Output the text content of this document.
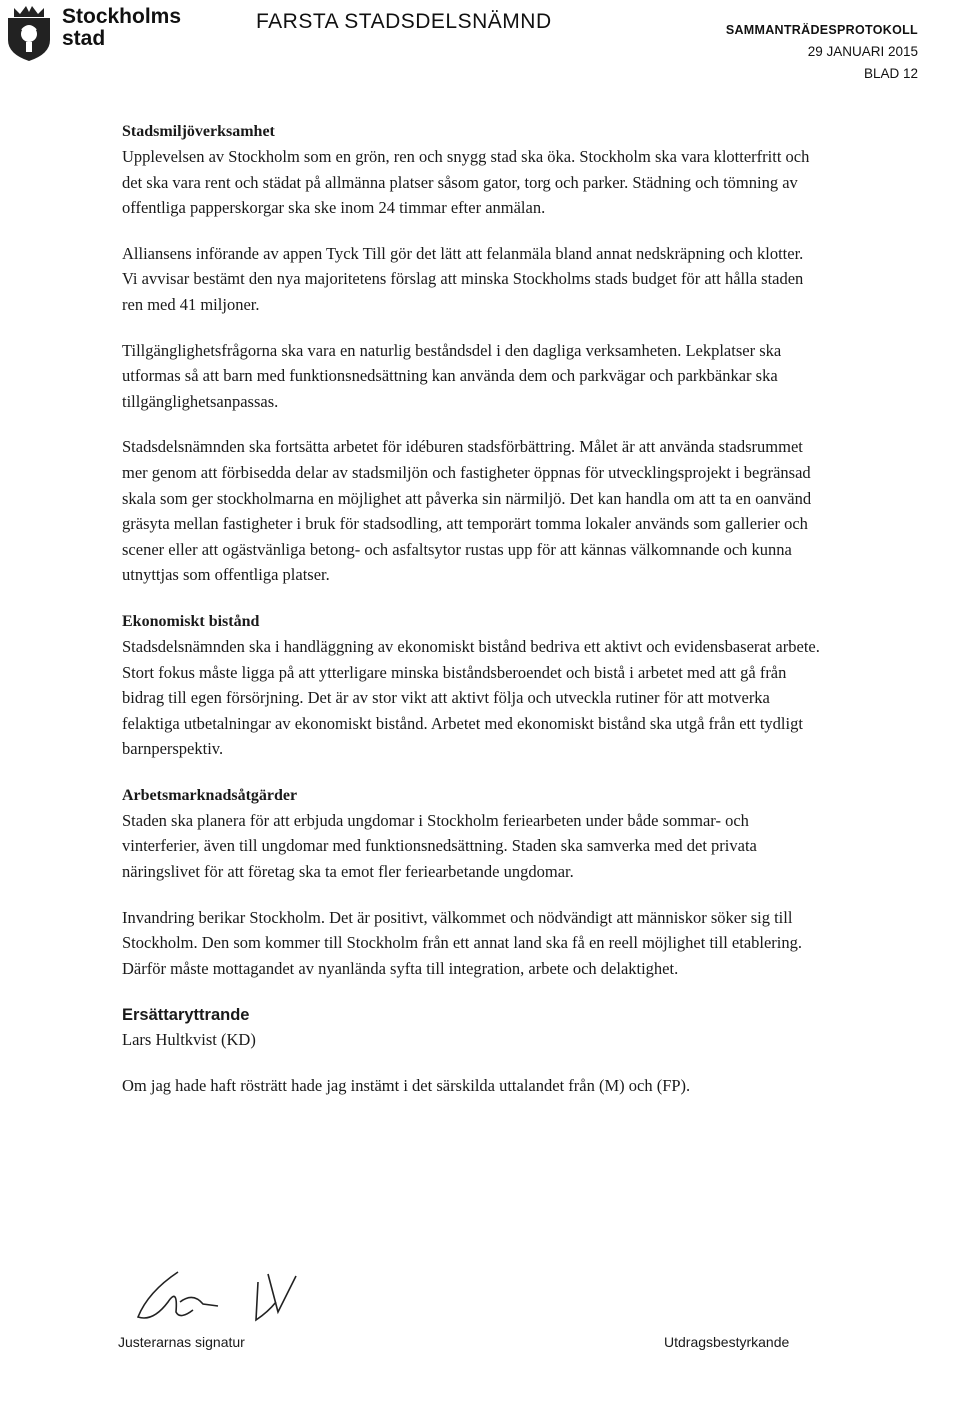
Stockholms
stad
FARSTA STADSDELSNÄMND	SAMMANTRÄDESPROTOKOLL
29 JANUARI 2015
BLAD 12
Stadsmiljöverksamhet

Upplevelsen av Stockholm som en grön, ren och snygg stad ska öka. Stockholm ska vara klotterfritt och det ska vara rent och städat på allmänna platser såsom gator, torg och parker. Städning och tömning av offentliga papperskorgar ska ske inom 24 timmar efter anmälan.

Alliansens införande av appen Tyck Till gör det lätt att felanmäla bland annat nedskräpning och klotter. Vi avvisar bestämt den nya majoritetens förslag att minska Stockholms stads budget för att hålla staden ren med 41 miljoner.

Tillgänglighetsfrågorna ska vara en naturlig beståndsdel i den dagliga verksamheten. Lekplatser ska utformas så att barn med funktionsnedsättning kan använda dem och parkvägar och parkbänkar ska tillgänglighetsanpassas.

Stadsdelsnämnden ska fortsätta arbetet för idéburen stadsförbättring. Målet är att använda stadsrummet mer genom att förbisedda delar av stadsmiljön och fastigheter öppnas för utvecklingsprojekt i begränsad skala som ger stockholmarna en möjlighet att påverka sin närmiljö. Det kan handla om att ta en oanvänd gräsyta mellan fastigheter i bruk för stadsodling, att temporärt tomma lokaler används som gallerier och scener eller att ogästvänliga betong- och asfaltsytor rustas upp för att kännas välkomnande och kunna utnyttjas som offentliga platser.

Ekonomiskt bistånd

Stadsdelsnämnden ska i handläggning av ekonomiskt bistånd bedriva ett aktivt och evidensbaserat arbete. Stort fokus måste ligga på att ytterligare minska biståndsberoendet och bistå i arbetet med att gå från bidrag till egen försörjning. Det är av stor vikt att aktivt följa och utveckla rutiner för att motverka felaktiga utbetalningar av ekonomiskt bistånd. Arbetet med ekonomiskt bistånd ska utgå från ett tydligt barnperspektiv.

Arbetsmarknadsåtgärder

Staden ska planera för att erbjuda ungdomar i Stockholm feriearbeten under både sommar- och vinterferier, även till ungdomar med funktionsnedsättning. Staden ska samverka med det privata näringslivet för att företag ska ta emot fler feriearbetande ungdomar.

Invandring berikar Stockholm. Det är positivt, välkommet och nödvändigt att människor söker sig till Stockholm. Den som kommer till Stockholm från ett annat land ska få en reell möjlighet till etablering. Därför måste mottagandet av nyanlända syfta till integration, arbete och delaktighet.

Ersättaryttrande

Lars Hultkvist (KD)

Om jag hade haft rösträtt hade jag instämt i det särskilda uttalandet från (M) och (FP).

Justerarnas signatur	Utdragsbestyrkande
